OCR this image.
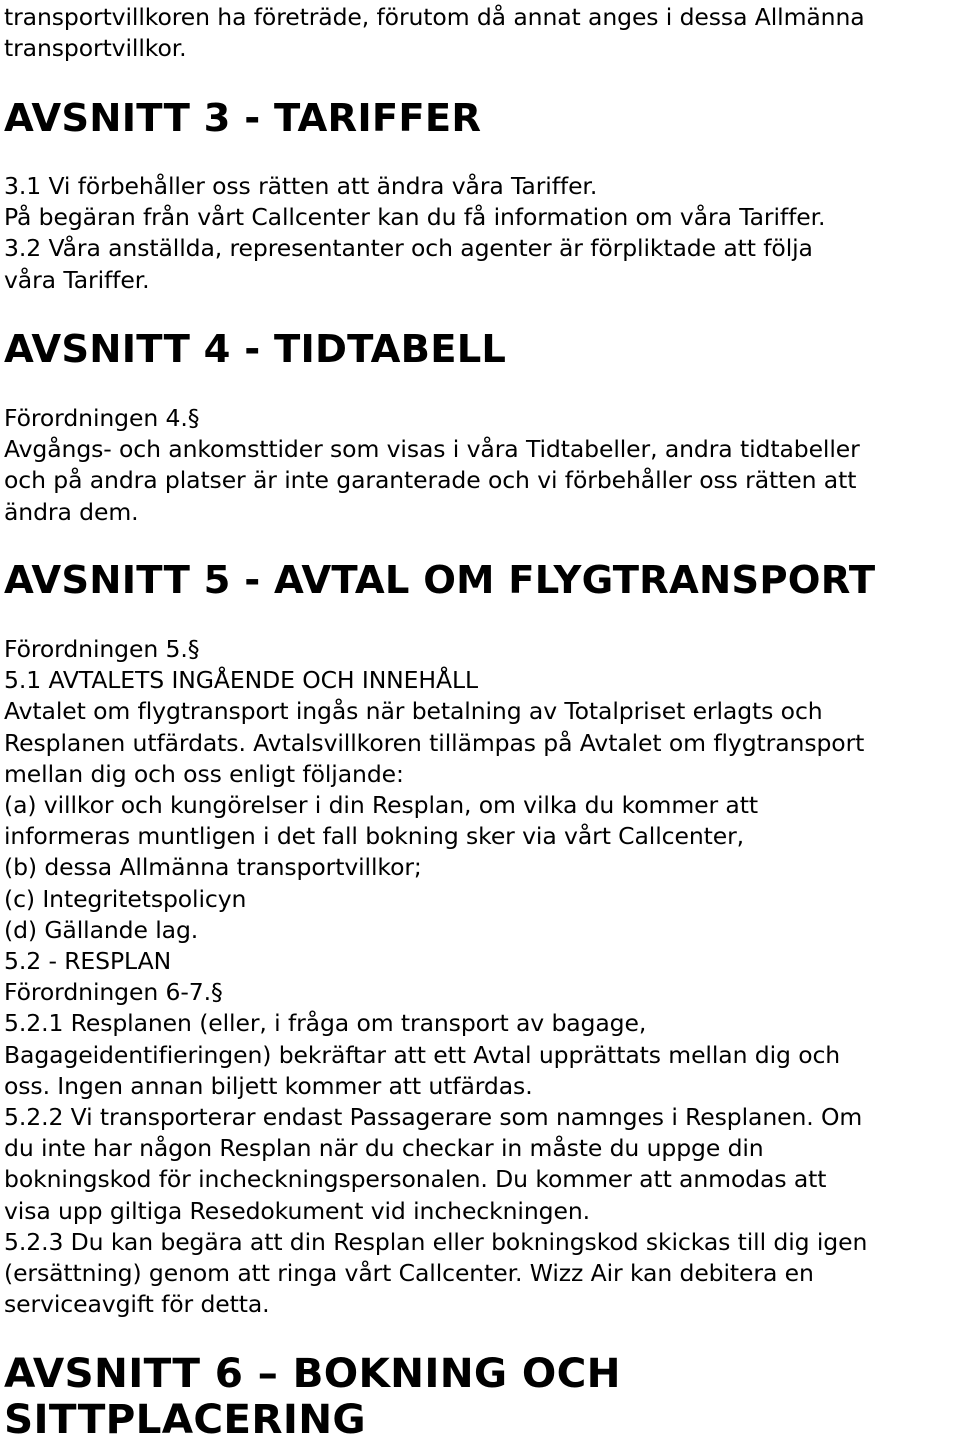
transportvillkoren ha företräde, förutom då annat anges i dessa Allmänna
transportvillkor.
AVSNITT 3 - TARIFFER
3.1 Vi förbehåller oss rätten att ändra våra Tariffer.
På begäran från vårt Callcenter kan du få information om våra Tariffer.
3.2 Våra anställda, representanter och agenter är förpliktade att följa
våra Tariffer.
AVSNITT 4 - TIDTABELL
Förordningen 4.§
Avgångs- och ankomsttider som visas i våra Tidtabeller, andra tidtabeller
och på andra platser är inte garanterade och vi förbehåller oss rätten att
ändra dem.
AVSNITT 5 - AVTAL OM FLYGTRANSPORT
Förordningen 5.§
5.1 AVTALETS INGÅENDE OCH INNEHÅLL
Avtalet om flygtransport ingås när betalning av Totalpriset erlagts och
Resplanen utfärdats. Avtalsvillkoren tillämpas på Avtalet om flygtransport
mellan dig och oss enligt följande:
(a) villkor och kungörelser i din Resplan, om vilka du kommer att
informeras muntligen i det fall bokning sker via vårt Callcenter,
(b) dessa Allmänna transportvillkor;
(c) Integritetspolicyn
(d) Gällande lag.
5.2 - RESPLAN
Förordningen 6-7.§
5.2.1 Resplanen (eller, i fråga om transport av bagage,
Bagageidentifieringen) bekräftar att ett Avtal upprättats mellan dig och
oss. Ingen annan biljett kommer att utfärdas.
5.2.2 Vi transporterar endast Passagerare som namnges i Resplanen. Om
du inte har någon Resplan när du checkar in måste du uppge din
bokningskod för incheckningspersonalen. Du kommer att anmodas att
visa upp giltiga Resedokument vid incheckningen.
5.2.3 Du kan begära att din Resplan eller bokningskod skickas till dig igen
(ersättning) genom att ringa vårt Callcenter. Wizz Air kan debitera en
serviceavgift för detta.
AVSNITT 6 – BOKNING OCH
SITTPLACERING
